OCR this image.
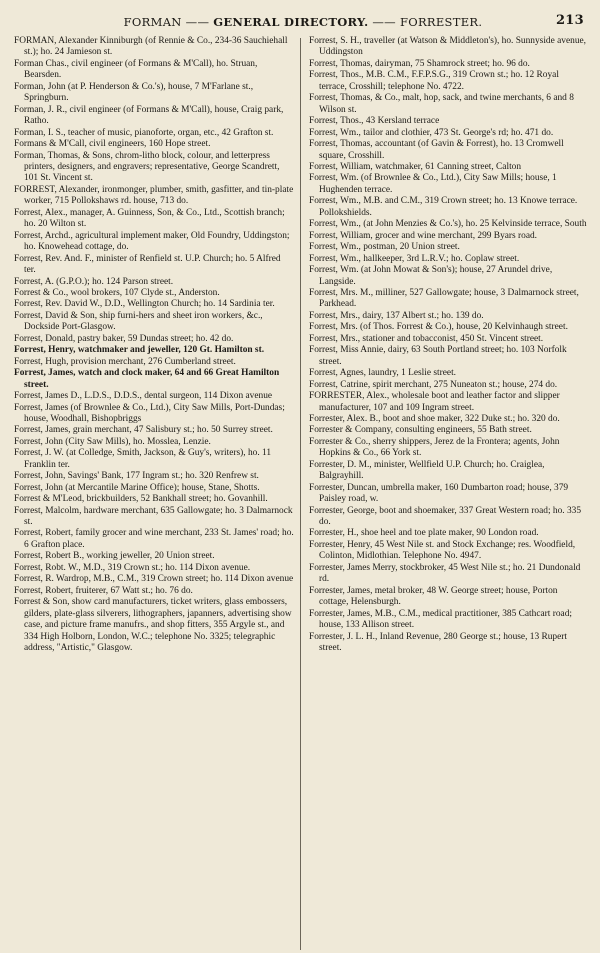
FORMAN —— GENERAL DIRECTORY. —— FORRESTER.	213

FORMAN, Alexander Kinniburgh (of Rennie & Co., 234-36 Sauchiehall st.); ho. 24 Jamieson st.

Forman Chas., civil engineer (of Formans & M'Call), ho. Struan, Bearsden.

Forman, John (at P. Henderson & Co.'s), house, 7 M'Farlane st., Springburn.

Forman, J. R., civil engineer (of Formans & M'Call), house, Craig park, Ratho.

Forman, I. S., teacher of music, pianoforte, organ, etc., 42 Grafton st.

Formans & M'Call, civil engineers, 160 Hope street.

Forman, Thomas, & Sons, chrom-litho block, colour, and letterpress printers, designers, and engravers; representative, George Scandrett, 101 St. Vincent st.

FORREST, Alexander, ironmonger, plumber, smith, gasfitter, and tin-plate worker, 715 Pollokshaws rd. house, 713 do.

Forrest, Alex., manager, A. Guinness, Son, & Co., Ltd., Scottish branch; ho. 20 Wilton st.

Forrest, Archd., agricultural implement maker, Old Foundry, Uddingston; ho. Knowehead cottage, do.

Forrest, Rev. And. F., minister of Renfield st. U.P. Church; ho. 5 Alfred ter.

Forrest, A. (G.P.O.); ho. 124 Parson street.

Forrest & Co., wool brokers, 107 Clyde st., Anderston.

Forrest, Rev. David W., D.D., Wellington Church; ho. 14 Sardinia ter.

Forrest, David & Son, ship furni-hers and sheet iron workers, &c., Dockside Port-Glasgow.

Forrest, Donald, pastry baker, 59 Dundas street; ho. 42 do.

Forrest, Henry, watchmaker and jeweller, 120 Gt. Hamilton st.

Forrest, Hugh, provision merchant, 276 Cumberland street.

Forrest, James, watch and clock maker, 64 and 66 Great Hamilton street.

Forrest, James D., L.D.S., D.D.S., dental surgeon, 114 Dixon avenue

Forrest, James (of Brownlee & Co., Ltd.), City Saw Mills, Port-Dundas; house, Woodhall, Bishopbriggs

Forrest, James, grain merchant, 47 Salisbury st.; ho. 50 Surrey street.

Forrest, John (City Saw Mills), ho. Mosslea, Lenzie.

Forrest, J. W. (at Colledge, Smith, Jackson, & Guy's, writers), ho. 11 Franklin ter.

Forrest, John, Savings' Bank, 177 Ingram st.; ho. 320 Renfrew st.

Forrest, John (at Mercantile Marine Office); house, Stane, Shotts.

Forrest & M'Leod, brickbuilders, 52 Bankhall street; ho. Govanhill.

Forrest, Malcolm, hardware merchant, 635 Gallowgate; ho. 3 Dalmarnock st.

Forrest, Robert, family grocer and wine merchant, 233 St. James' road; ho. 6 Grafton place.

Forrest, Robert B., working jeweller, 20 Union street.

Forrest, Robt. W., M.D., 319 Crown st.; ho. 114 Dixon avenue.

Forrest, R. Wardrop, M.B., C.M., 319 Crown street; ho. 114 Dixon avenue

Forrest, Robert, fruiterer, 67 Watt st.; ho. 76 do.

Forrest & Son, show card manufacturers, ticket writers, glass embossers, gilders, plate-glass silverers, lithographers, japanners, advertising show case, and picture frame manufrs., and shop fitters, 355 Argyle st., and 334 High Holborn, London, W.C.; telephone No. 3325; telegraphic address, "Artistic," Glasgow.

Forrest, S. H., traveller (at Watson & Middleton's), ho. Sunnyside avenue, Uddingston

Forrest, Thomas, dairyman, 75 Shamrock street; ho. 96 do.

Forrest, Thos., M.B. C.M., F.F.P.S.G., 319 Crown st.; ho. 12 Royal terrace, Crosshill; telephone No. 4722.

Forrest, Thomas, & Co., malt, hop, sack, and twine merchants, 6 and 8 Wilson st.

Forrest, Thos., 43 Kersland terrace

Forrest, Wm., tailor and clothier, 473 St. George's rd; ho. 471 do.

Forrest, Thomas, accountant (of Gavin & Forrest), ho. 13 Cromwell square, Crosshill.

Forrest, William, watchmaker, 61 Canning street, Calton

Forrest, Wm. (of Brownlee & Co., Ltd.), City Saw Mills; house, 1 Hughenden terrace.

Forrest, Wm., M.B. and C.M., 319 Crown street; ho. 13 Knowe terrace. Pollokshields.

Forrest, Wm., (at John Menzies & Co.'s), ho. 25 Kelvinside terrace, South

Forrest, William, grocer and wine merchant, 299 Byars road.

Forrest, Wm., postman, 20 Union street.

Forrest, Wm., hallkeeper, 3rd L.R.V.; ho. Coplaw street.

Forrest, Wm. (at John Mowat & Son's); house, 27 Arundel drive, Langside.

Forrest, Mrs. M., milliner, 527 Gallowgate; house, 3 Dalmarnock street, Parkhead.

Forrest, Mrs., dairy, 137 Albert st.; ho. 139 do.

Forrest, Mrs. (of Thos. Forrest & Co.), house, 20 Kelvinhaugh street.

Forrest, Mrs., stationer and tobacconist, 450 St. Vincent street.

Forrest, Miss Annie, dairy, 63 South Portland street; ho. 103 Norfolk street.

Forrest, Agnes, laundry, 1 Leslie street.

Forrest, Catrine, spirit merchant, 275 Nuneaton st.; house, 274 do.

FORRESTER, Alex., wholesale boot and leather factor and slipper manufacturer, 107 and 109 Ingram street.

Forrester, Alex. B., boot and shoe maker, 322 Duke st.; ho. 320 do.

Forrester & Company, consulting engineers, 55 Bath street.

Forrester & Co., sherry shippers, Jerez de la Frontera; agents, John Hopkins & Co., 66 York st.

Forrester, D. M., minister, Wellfield U.P. Church; ho. Craiglea, Balgrayhill.

Forrester, Duncan, umbrella maker, 160 Dumbarton road; house, 379 Paisley road, w.

Forrester, George, boot and shoemaker, 337 Great Western road; ho. 335 do.

Forrester, H., shoe heel and toe plate maker, 90 London road.

Forrester, Henry, 45 West Nile st. and Stock Exchange; res. Woodfield, Colinton, Midlothian. Telephone No. 4947.

Forrester, James Merry, stockbroker, 45 West Nile st.; ho. 21 Dundonald rd.

Forrester, James, metal broker, 48 W. George street; house, Porton cottage, Helensburgh.

Forrester, James, M.B., C.M., medical practitioner, 385 Cathcart road; house, 133 Allison street.

Forrester, J. L. H., Inland Revenue, 280 George st.; house, 13 Rupert street.
